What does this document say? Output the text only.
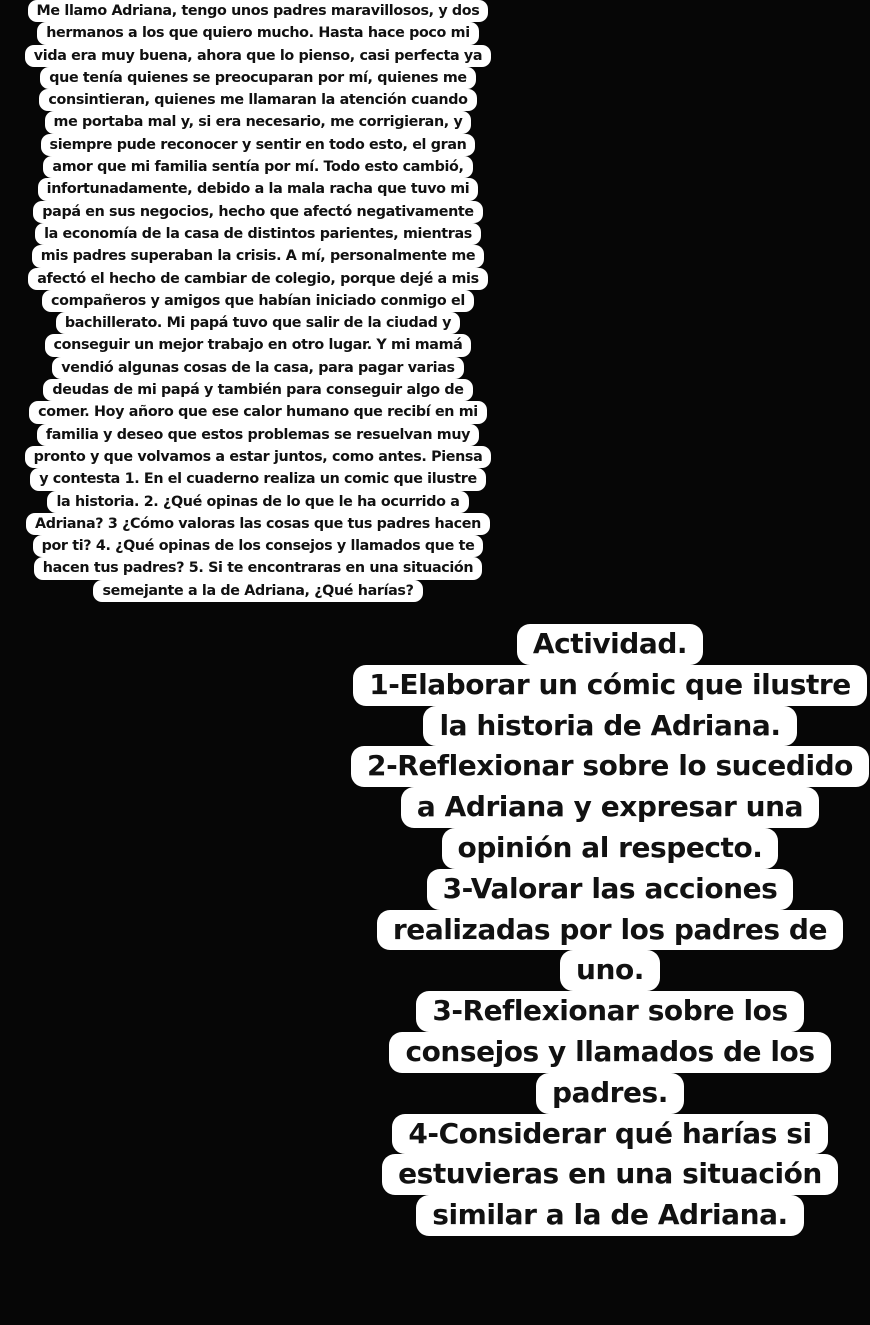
Me llamo Adriana, tengo unos padres maravillosos, y dos
hermanos a los que quiero mucho. Hasta hace poco mi
vida era muy buena, ahora que lo pienso, casi perfecta ya
que tenía quienes se preocuparan por mí, quienes me
consintieran, quienes me llamaran la atención cuando
me portaba mal y, si era necesario, me corrigieran, y
siempre pude reconocer y sentir en todo esto, el gran
amor que mi familia sentía por mí. Todo esto cambió,
infortunadamente, debido a la mala racha que tuvo mi
papá en sus negocios, hecho que afectó negativamente
la economía de la casa de distintos parientes, mientras
mis padres superaban la crisis. A mí, personalmente me
afectó el hecho de cambiar de colegio, porque dejé a mis
compañeros y amigos que habían iniciado conmigo el
bachillerato. Mi papá tuvo que salir de la ciudad y
conseguir un mejor trabajo en otro lugar. Y mi mamá
vendió algunas cosas de la casa, para pagar varias
deudas de mi papá y también para conseguir algo de
comer. Hoy añoro que ese calor humano que recibí en mi
familia y deseo que estos problemas se resuelvan muy
pronto y que volvamos a estar juntos, como antes. Piensa
y contesta 1. En el cuaderno realiza un comic que ilustre
la historia. 2. ¿Qué opinas de lo que le ha ocurrido a
Adriana? 3 ¿Cómo valoras las cosas que tus padres hacen
por ti? 4. ¿Qué opinas de los consejos y llamados que te
hacen tus padres? 5. Si te encontraras en una situación
semejante a la de Adriana, ¿Qué harías?
Actividad.
1-Elaborar un cómic que ilustre
la historia de Adriana.
2-Reflexionar sobre lo sucedido
a Adriana y expresar una
opinión al respecto.
3-Valorar las acciones
realizadas por los padres de
uno.
3-Reflexionar sobre los
consejos y llamados de los
padres.
4-Considerar qué harías si
estuvieras en una situación
similar a la de Adriana.
